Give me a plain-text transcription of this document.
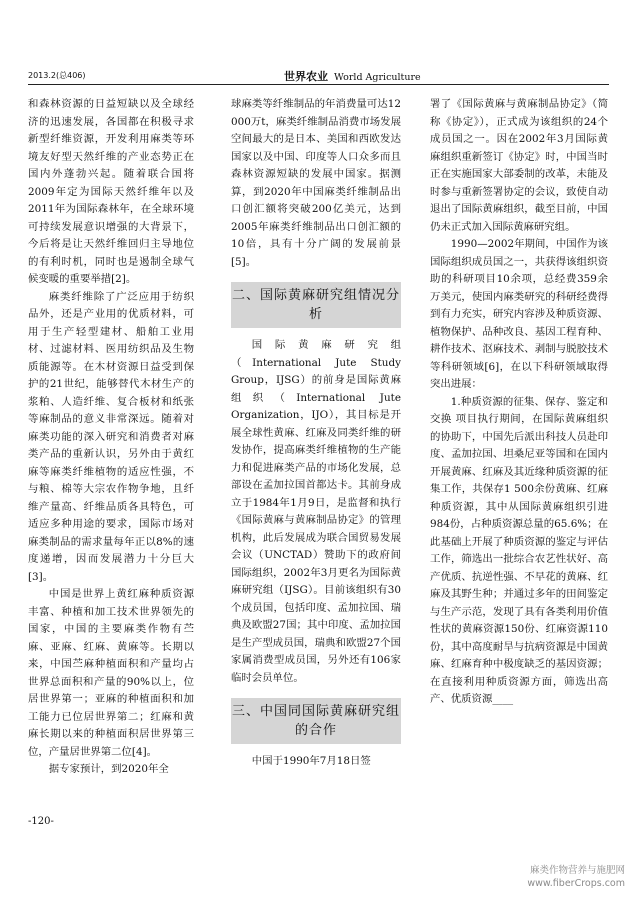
2013.2(总406)	世界农业 World Agriculture

和森林资源的日益短缺以及全球经济的迅速发展，各国都在积极寻求新型纤维资源，开发利用麻类等环境友好型天然纤维的产业态势正在国内外蓬勃兴起。随着联合国将2009年定为国际天然纤维年以及2011年为国际森林年，在全球环境可持续发展意识增强的大背景下，今后将是让天然纤维回归主导地位的有利时机，同时也是遏制全球气候变暖的重要举措[2]。

麻类纤维除了广泛应用于纺织品外，还是产业用的优质材料，可用于生产轻型建材、船舶工业用材、过滤材料、医用纺织品及生物质能源等。在木材资源日益受到保护的21世纪，能够替代木材生产的浆粕、人造纤维、复合板材和纸张等麻制品的意义非常深远。随着对麻类功能的深入研究和消费者对麻类产品的重新认识，另外由于黄红麻等麻类纤维植物的适应性强，不与粮、棉等大宗农作物争地，且纤维产量高、纤维品质各具特色，可适应多种用途的要求，国际市场对麻类制品的需求量每年正以8%的速度递增，因而发展潜力十分巨大[3]。

中国是世界上黄红麻种质资源丰富、种植和加工技术世界领先的国家，中国的主要麻类作物有苎麻、亚麻、红麻、黄麻等。长期以来，中国苎麻种植面积和产量均占世界总面积和产量的90%以上，位居世界第一；亚麻的种植面积和加工能力已位居世界第二；红麻和黄麻长期以来的种植面积居世界第三位，产量居世界第二位[4]。

据专家预计，到2020年全

球麻类等纤维制品的年消费量可达12 000万t，麻类纤维制品消费市场发展空间最大的是日本、美国和西欧发达国家以及中国、印度等人口众多而且森林资源短缺的发展中国家。据测算，到2020年中国麻类纤维制品出口创汇额将突破200亿美元，达到2005年麻类纤维制品出口创汇额的10倍，具有十分广阔的发展前景[5]。

二、国际黄麻研究组情况分析

国际黄麻研究组（International Jute Study Group，IJSG）的前身是国际黄麻组织（International Jute Organization，IJO），其目标是开展全球性黄麻、红麻及同类纤维的研发协作，提高麻类纤维植物的生产能力和促进麻类产品的市场化发展，总部设在孟加拉国首都达卡。其前身成立于1984年1月9日，是监督和执行《国际黄麻与黄麻制品协定》的管理机构，此后发展成为联合国贸易发展会议（UNCTAD）赞助下的政府间国际组织，2002年3月更名为国际黄麻研究组（IJSG）。目前该组织有30个成员国，包括印度、孟加拉国、瑞典及欧盟27国；其中印度、孟加拉国是生产型成员国，瑞典和欧盟27个国家属消费型成员国，另外还有106家临时会员单位。

三、中国同国际黄麻研究组的合作

中国于1990年7月18日签

署了《国际黄麻与黄麻制品协定》（简称《协定》），正式成为该组织的24个成员国之一。因在2002年3月国际黄麻组织重新签订《协定》时，中国当时正在实施国家大部委制的改革，未能及时参与重新签署协定的会议，致使自动退出了国际黄麻组织，截至目前，中国仍未正式加入国际黄麻研究组。

1990—2002年期间，中国作为该国际组织成员国之一，共获得该组织资助的科研项目10余项，总经费359余万美元，使国内麻类研究的科研经费得到有力充实，研究内容涉及种质资源、植物保护、品种改良、基因工程育种、耕作技术、沤麻技术、剥制与脱胶技术等科研领域[6]，在以下科研领域取得突出进展：

1.种质资源的征集、保存、鉴定和交换 项目执行期间，在国际黄麻组织的协助下，中国先后派出科技人员赴印度、孟加拉国、坦桑尼亚等国和在国内开展黄麻、红麻及其近缘种质资源的征集工作，共保存1 500余份黄麻、红麻种质资源，其中从国际黄麻组织引进984份，占种质资源总量的65.6%；在此基础上开展了种质资源的鉴定与评估工作，筛选出一批综合农艺性状好、高产优质、抗逆性强、不早花的黄麻、红麻及其野生种；并通过多年的田间鉴定与生产示范，发现了具有各类利用价值性状的黄麻资源150份、红麻资源110份，其中高度耐旱与抗病资源是中国黄麻、红麻育种中极度缺乏的基因资源；在直接利用种质资源方面，筛选出高产、优质资源____

-120-
麻类作物营养与施肥网
www.fiberCrops.com
